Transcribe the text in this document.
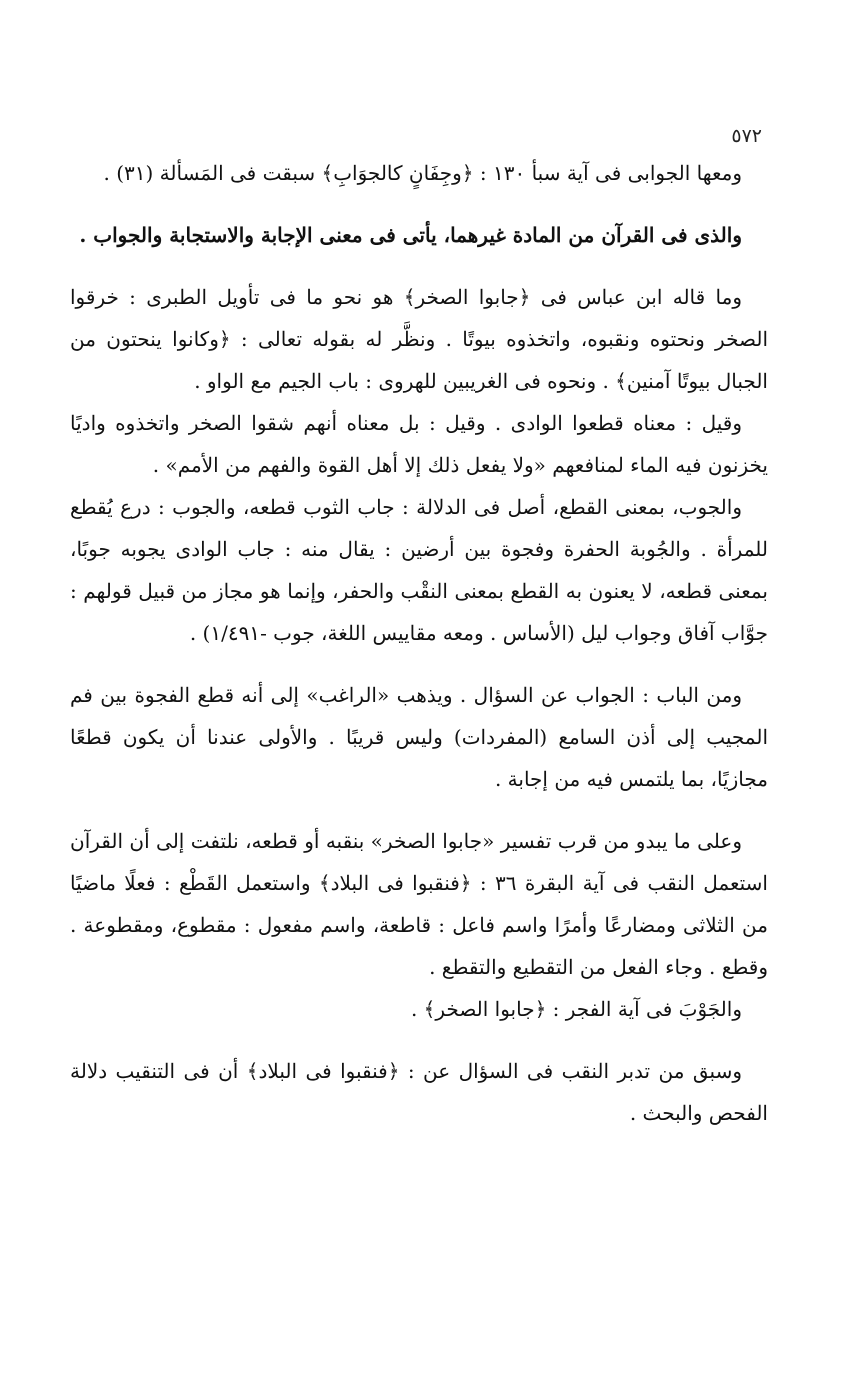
٥٧٢

ومعها الجوابى فى آية سبأ ١٣٠ : ﴿وجِفَانٍ كالجوَابِ﴾ سبقت فى المَسألة (٣١) .

والذى فى القرآن من المادة غيرهما، يأتى فى معنى الإجابة والاستجابة والجواب .

وما قاله ابن عباس فى ﴿جابوا الصخر﴾ هو نحو ما فى تأويل الطبرى : خرقوا الصخر ونحتوه ونقبوه، واتخذوه بيوتًا . ونظَّر له بقوله تعالى : ﴿وكانوا ينحتون من الجبال بيوتًا آمنين﴾ . ونحوه فى الغريبين للهروى : باب الجيم مع الواو .

وقيل : معناه قطعوا الوادى . وقيل : بل معناه أنهم شقوا الصخر واتخذوه واديًا يخزنون فيه الماء لمنافعهم «ولا يفعل ذلك إلا أهل القوة والفهم من الأمم» .

والجوب، بمعنى القطع، أصل فى الدلالة : جاب الثوب قطعه، والجوب : درع يُقطع للمرأة . والجُوبة الحفرة وفجوة بين أرضين : يقال منه : جاب الوادى يجوبه جوبًا، بمعنى قطعه، لا يعنون به القطع بمعنى النقْب والحفر، وإنما هو مجاز من قبيل قولهم : جوَّاب آفاق وجواب ليل (الأساس . ومعه مقاييس اللغة، جوب -١/٤٩١) .

ومن الباب : الجواب عن السؤال . ويذهب «الراغب» إلى أنه قطع الفجوة بين فم المجيب إلى أذن السامع (المفردات) وليس قريبًا . والأولى عندنا أن يكون قطعًا مجازيًا، بما يلتمس فيه من إجابة .

وعلى ما يبدو من قرب تفسير «جابوا الصخر» بنقبه أو قطعه، نلتفت إلى أن القرآن استعمل النقب فى آية البقرة ٣٦ : ﴿فنقبوا فى البلاد﴾ واستعمل القَطْع : فعلًا ماضيًا من الثلاثى ومضارعًا وأمرًا واسم فاعل : قاطعة، واسم مفعول : مقطوع، ومقطوعة . وقطع . وجاء الفعل من التقطيع والتقطع .

والجَوْبَ فى آية الفجر : ﴿جابوا الصخر﴾ .

وسبق من تدبر النقب فى السؤال عن : ﴿فنقبوا فى البلاد﴾ أن فى التنقيب دلالة الفحص والبحث .
